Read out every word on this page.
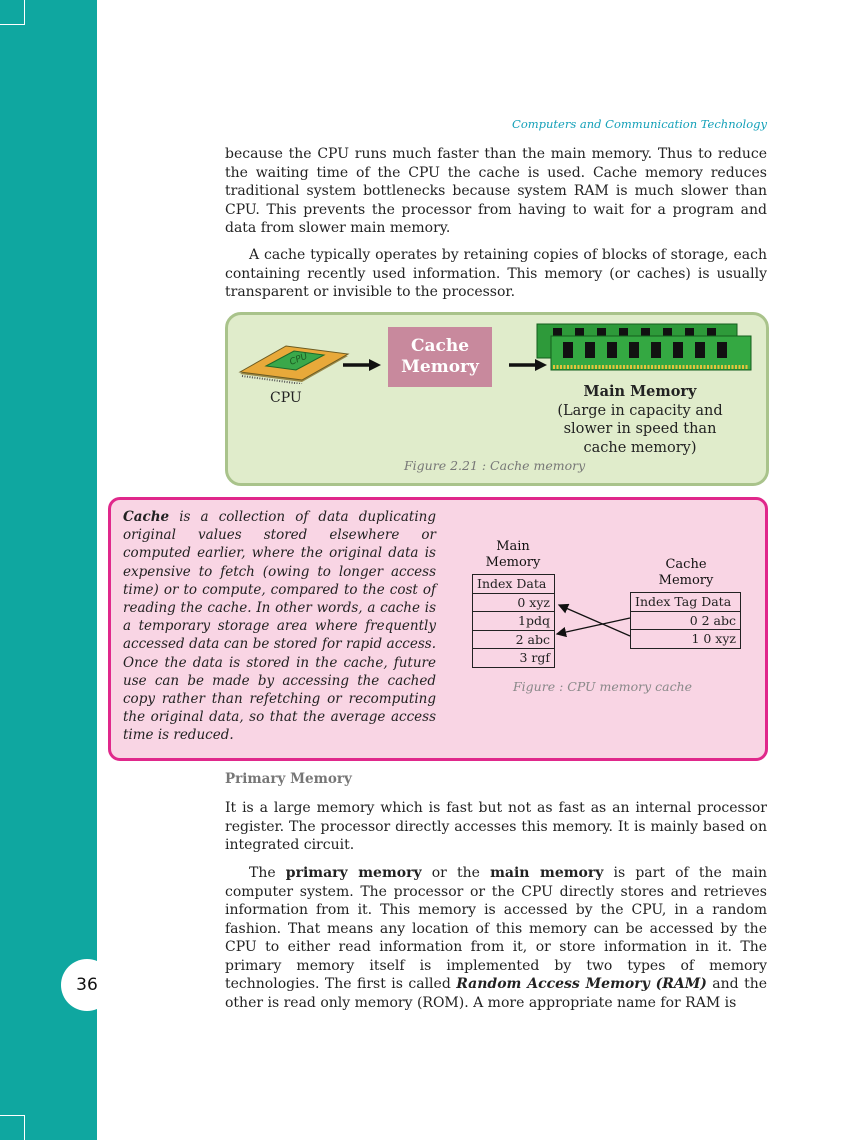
36
Computers and Communication Technology

because the CPU runs much faster than the main memory. Thus to reduce the waiting time of the CPU the cache is used. Cache memory reduces traditional system bottlenecks because system RAM is much slower than CPU. This prevents the processor from having to wait for a program and data from slower main memory.

A cache typically operates by retaining copies of blocks of storage, each containing recently used information. This memory (or caches) is usually transparent or invisible to the processor.

CPU
CPU
Cache
Memory
Main Memory
(Large in capacity and
slower in speed than
cache memory)
Figure 2.21 : Cache memory

Cache is a collection of data duplicating original values stored elsewhere or computed earlier, where the original data is expensive to fetch (owing to longer access time) or to compute, compared to the cost of reading the cache. In other words, a cache is a temporary storage area where frequently accessed data can be stored for rapid access. Once the data is stored in the cache, future use can be made by accessing the cached copy rather than refetching or recomputing the original data, so that the average access time is reduced.

Main
Memory
Index Data
0 xyz
1pdq
2 abc
3 rgf
Cache
Memory
Index Tag Data
0 2 abc
1 0 xyz
Figure : CPU memory cache
Primary Memory

It is a large memory which is fast but not as fast as an internal processor register. The processor directly accesses this memory. It is mainly based on integrated circuit.

The primary memory or the main memory is part of the main computer system. The processor or the CPU directly stores and retrieves information from it. This memory is accessed by the CPU, in a random fashion. That means any location of this memory can be accessed by the CPU to either read information from it, or store information in it. The primary memory itself is implemented by two types of memory technologies. The first is called Random Access Memory (RAM) and the other is read only memory (ROM). A more appropriate name for RAM is
